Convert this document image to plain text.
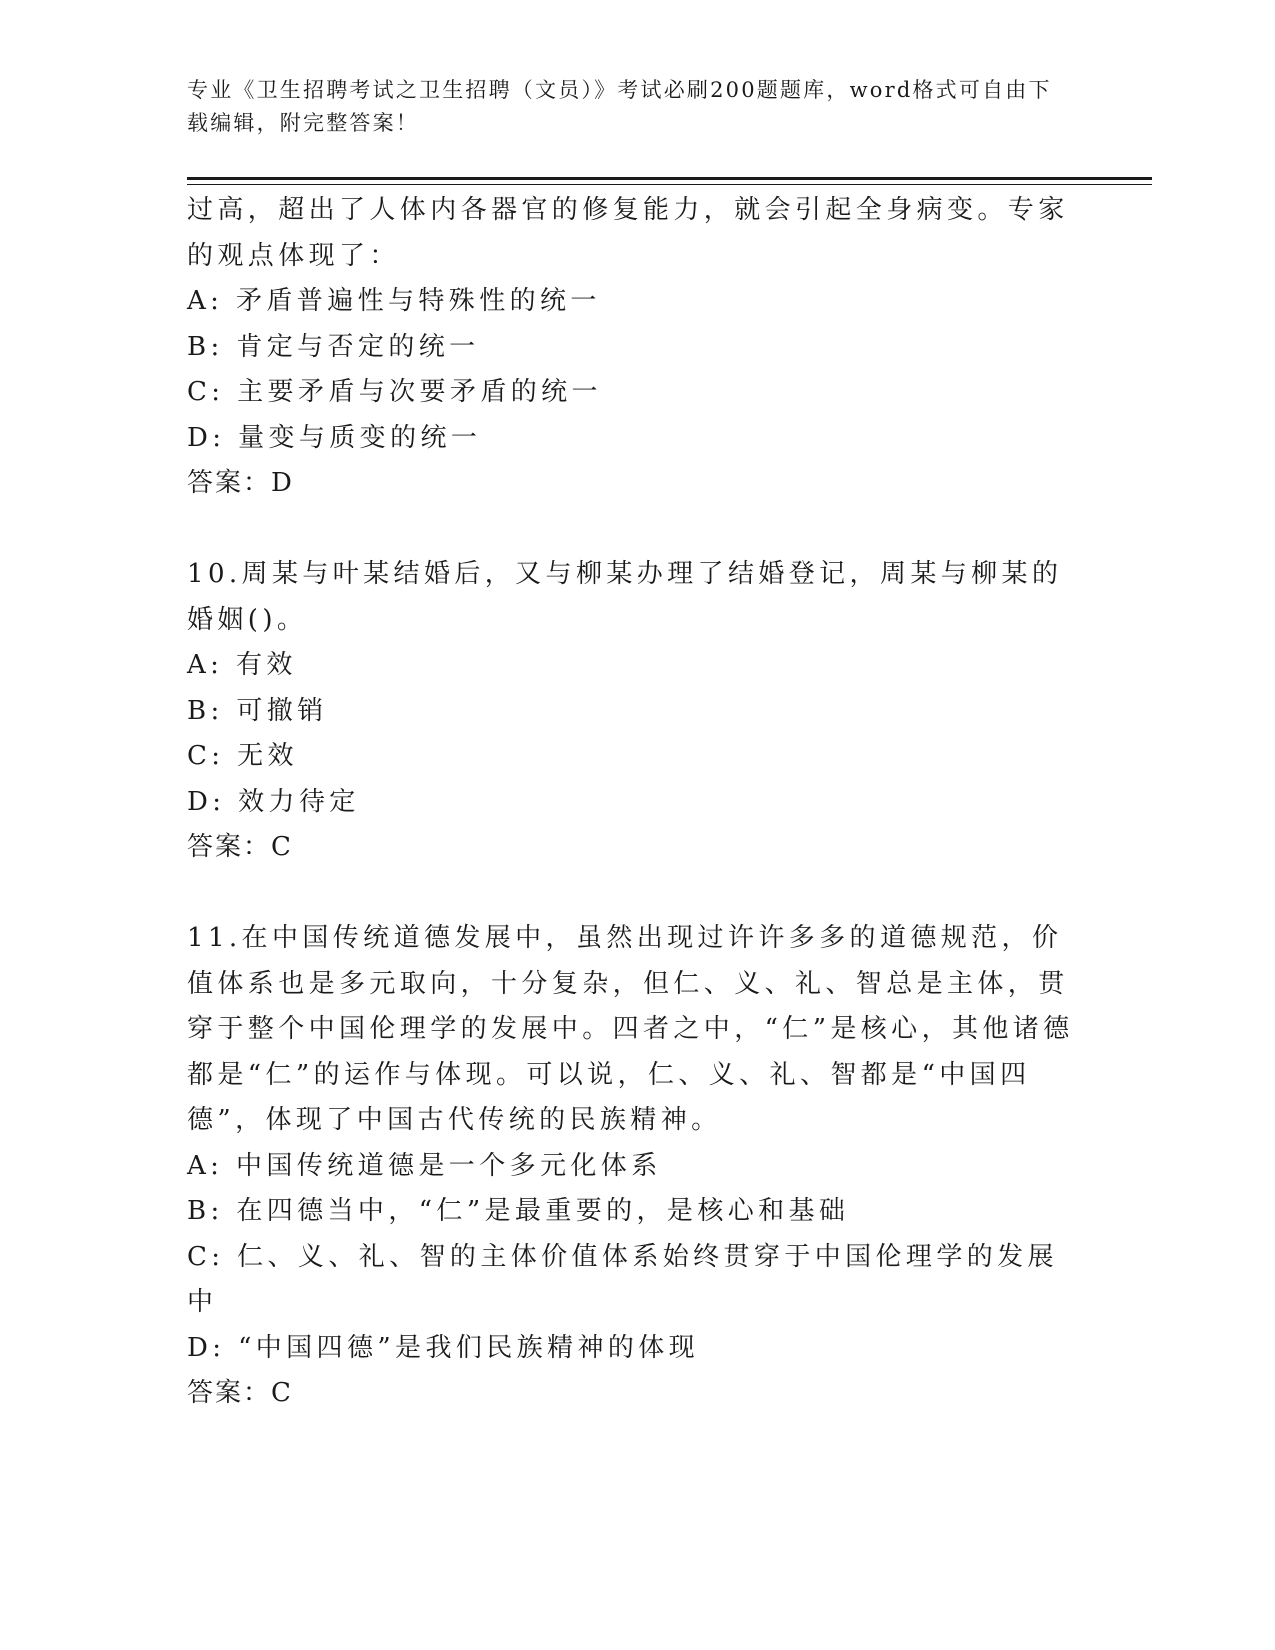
专业《卫生招聘考试之卫生招聘（文员）》考试必刷200题题库，word格式可自由下载编辑，附完整答案！

过高，超出了人体内各器官的修复能力，就会引起全身病变。专家的观点体现了：

A: 矛盾普遍性与特殊性的统一

B: 肯定与否定的统一

C: 主要矛盾与次要矛盾的统一

D: 量变与质变的统一

答案：D

10.周某与叶某结婚后，又与柳某办理了结婚登记，周某与柳某的婚姻()。

A: 有效

B: 可撤销

C: 无效

D: 效力待定

答案：C

11.在中国传统道德发展中，虽然出现过许许多多的道德规范，价值体系也是多元取向，十分复杂，但仁、义、礼、智总是主体，贯穿于整个中国伦理学的发展中。四者之中，“仁”是核心，其他诸德都是“仁”的运作与体现。可以说，仁、义、礼、智都是“中国四德”，体现了中国古代传统的民族精神。

A: 中国传统道德是一个多元化体系

B: 在四德当中，“仁”是最重要的，是核心和基础

C: 仁、义、礼、智的主体价值体系始终贯穿于中国伦理学的发展中

D: “中国四德”是我们民族精神的体现

答案：C
